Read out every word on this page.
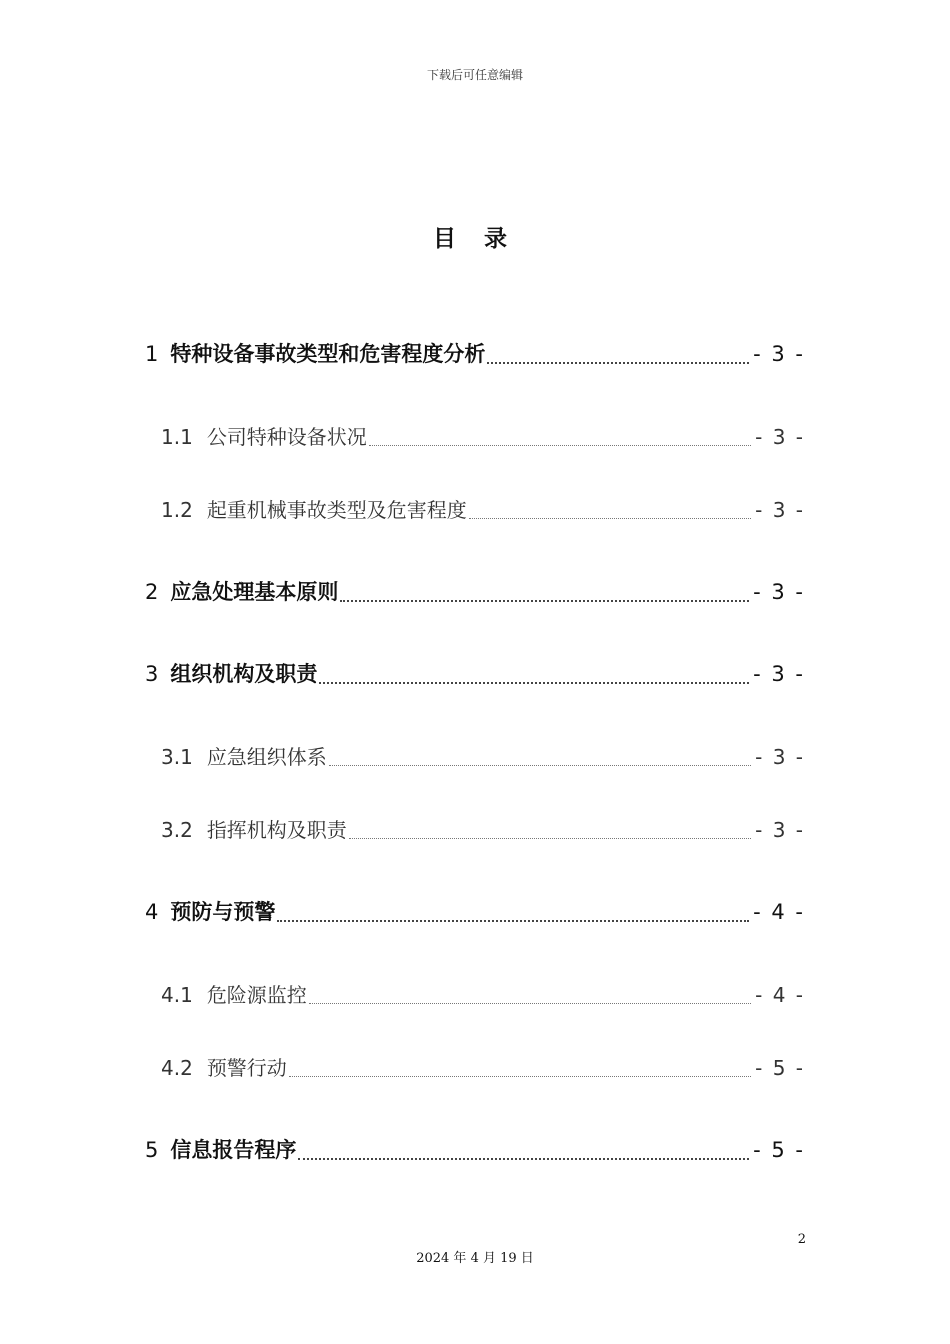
下载后可任意编辑
目 录
1 特种设备事故类型和危害程度分析	- 3 -
1.1 公司特种设备状况	- 3 -
1.2 起重机械事故类型及危害程度	- 3 -
2 应急处理基本原则	- 3 -
3 组织机构及职责	- 3 -
3.1 应急组织体系	- 3 -
3.2 指挥机构及职责	- 3 -
4 预防与预警	- 4 -
4.1 危险源监控	- 4 -
4.2 预警行动	- 5 -
5 信息报告程序	- 5 -
2
2024 年 4 月 19 日
